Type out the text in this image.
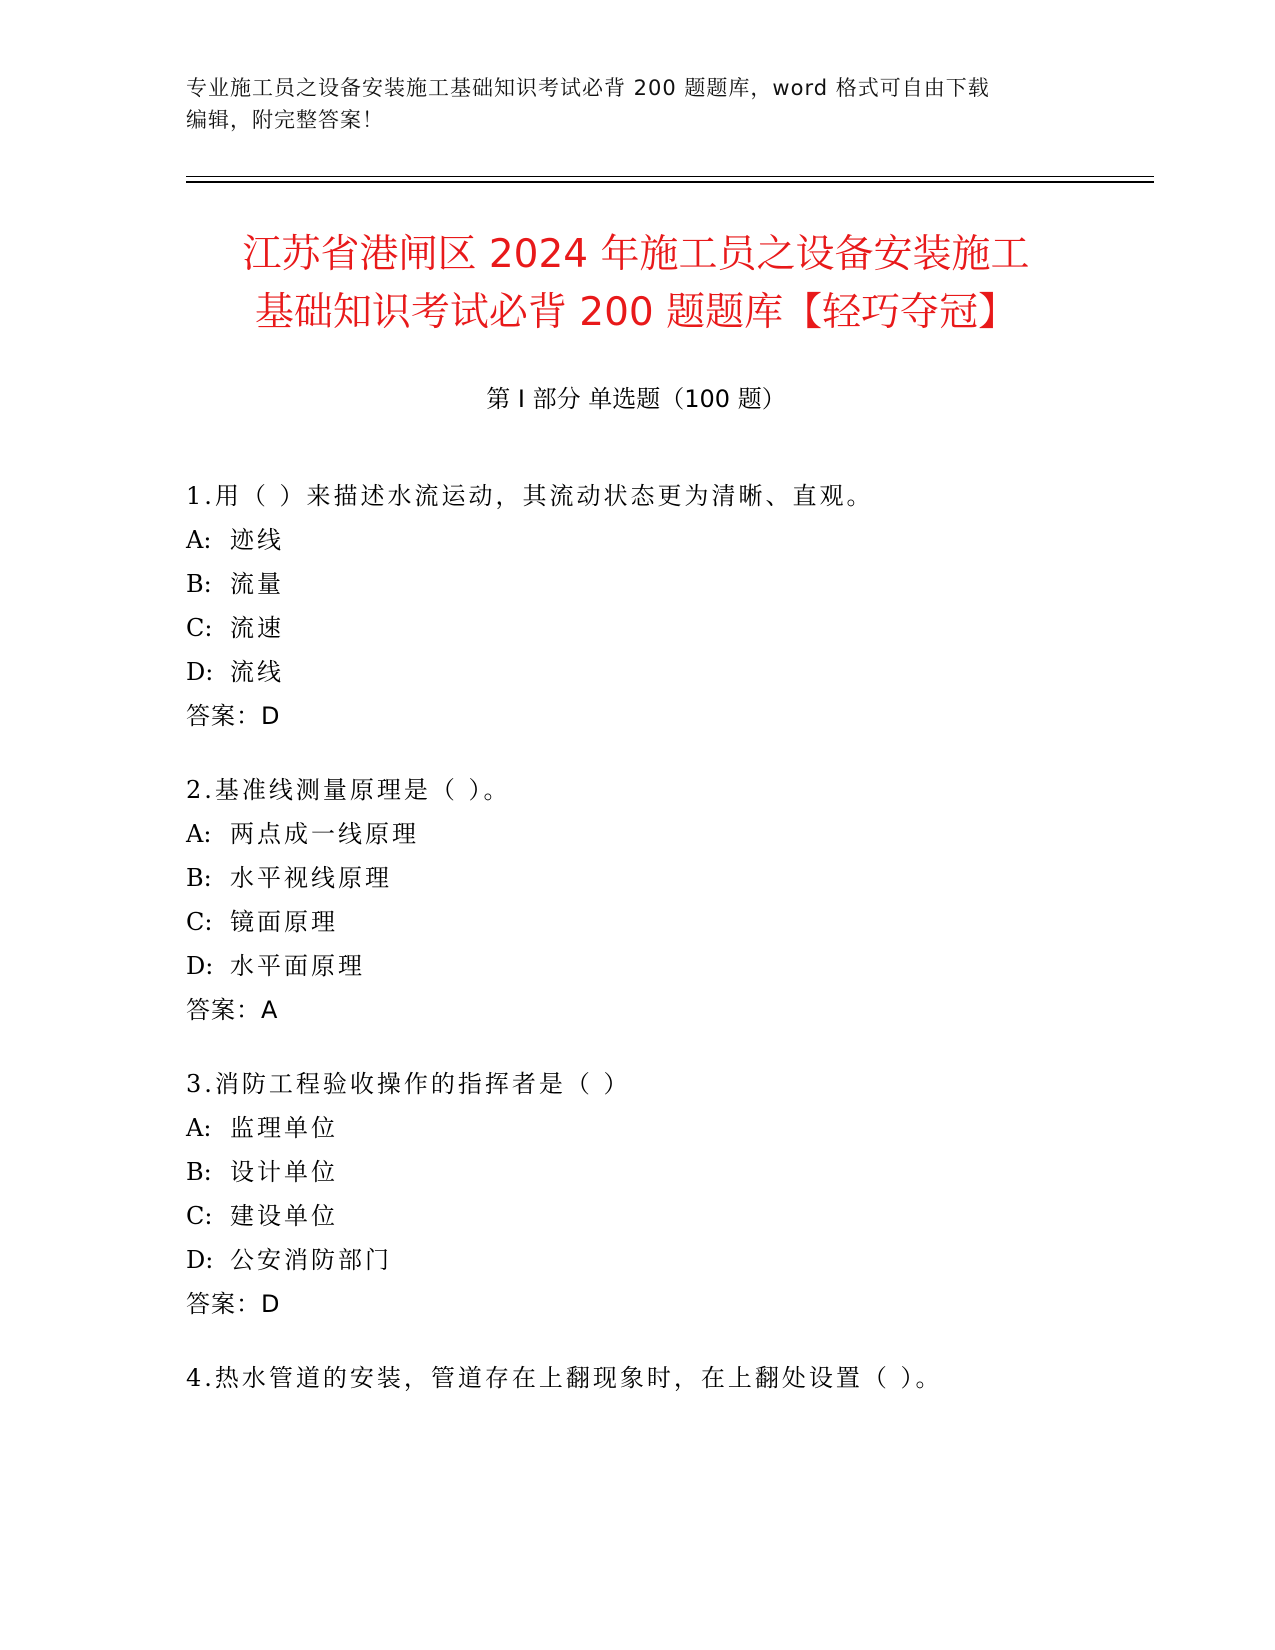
专业施工员之设备安装施工基础知识考试必背 200 题题库，word 格式可自由下载
编辑，附完整答案！
江苏省港闸区 2024 年施工员之设备安装施工
基础知识考试必背 200 题题库【轻巧夺冠】
第 I 部分 单选题（100 题）
1.用（ ）来描述水流运动，其流动状态更为清晰、直观。
A: 迹线
B: 流量
C: 流速
D: 流线
答案：D
2.基准线测量原理是（ ）。
A: 两点成一线原理
B: 水平视线原理
C: 镜面原理
D: 水平面原理
答案：A
3.消防工程验收操作的指挥者是（ ）
A: 监理单位
B: 设计单位
C: 建设单位
D: 公安消防部门
答案：D
4.热水管道的安装，管道存在上翻现象时，在上翻处设置（ ）。
